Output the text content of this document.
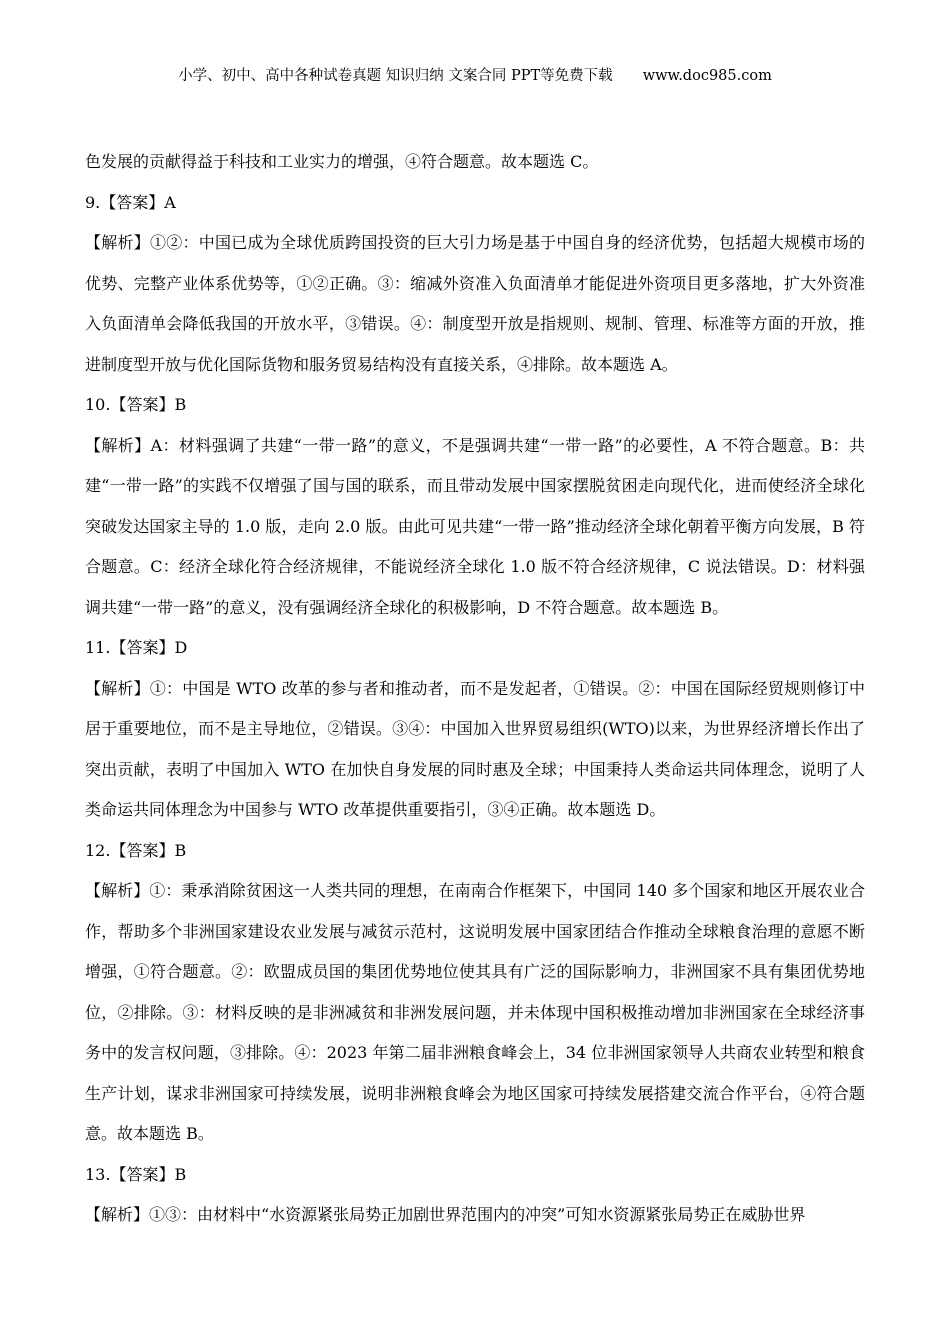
小学、初中、高中各种试卷真题 知识归纳 文案合同 PPT等免费下载 www.doc985.com

色发展的贡献得益于科技和工业实力的增强，④符合题意。故本题选 C。

9.【答案】A

【解析】①②：中国已成为全球优质跨国投资的巨大引力场是基于中国自身的经济优势，包括超大规模市场的优势、完整产业体系优势等，①②正确。③：缩减外资准入负面清单才能促进外资项目更多落地，扩大外资准入负面清单会降低我国的开放水平，③错误。④：制度型开放是指规则、规制、管理、标准等方面的开放，推进制度型开放与优化国际货物和服务贸易结构没有直接关系，④排除。故本题选 A。

10.【答案】B

【解析】A：材料强调了共建“一带一路”的意义，不是强调共建“一带一路”的必要性，A 不符合题意。B：共建“一带一路”的实践不仅增强了国与国的联系，而且带动发展中国家摆脱贫困走向现代化，进而使经济全球化突破发达国家主导的 1.0 版，走向 2.0 版。由此可见共建“一带一路”推动经济全球化朝着平衡方向发展，B 符合题意。C：经济全球化符合经济规律，不能说经济全球化 1.0 版不符合经济规律，C 说法错误。D：材料强调共建“一带一路”的意义，没有强调经济全球化的积极影响，D 不符合题意。故本题选 B。

11.【答案】D

【解析】①：中国是 WTO 改革的参与者和推动者，而不是发起者，①错误。②：中国在国际经贸规则修订中居于重要地位，而不是主导地位，②错误。③④：中国加入世界贸易组织(WTO)以来，为世界经济增长作出了突出贡献，表明了中国加入 WTO 在加快自身发展的同时惠及全球；中国秉持人类命运共同体理念，说明了人类命运共同体理念为中国参与 WTO 改革提供重要指引，③④正确。故本题选 D。

12.【答案】B

【解析】①：秉承消除贫困这一人类共同的理想，在南南合作框架下，中国同 140 多个国家和地区开展农业合作，帮助多个非洲国家建设农业发展与减贫示范村，这说明发展中国家团结合作推动全球粮食治理的意愿不断增强，①符合题意。②：欧盟成员国的集团优势地位使其具有广泛的国际影响力，非洲国家不具有集团优势地位，②排除。③：材料反映的是非洲减贫和非洲发展问题，并未体现中国积极推动增加非洲国家在全球经济事务中的发言权问题，③排除。④：2023 年第二届非洲粮食峰会上，34 位非洲国家领导人共商农业转型和粮食生产计划，谋求非洲国家可持续发展，说明非洲粮食峰会为地区国家可持续发展搭建交流合作平台，④符合题意。故本题选 B。

13.【答案】B

【解析】①③：由材料中“水资源紧张局势正加剧世界范围内的冲突”可知水资源紧张局势正在威胁世界
